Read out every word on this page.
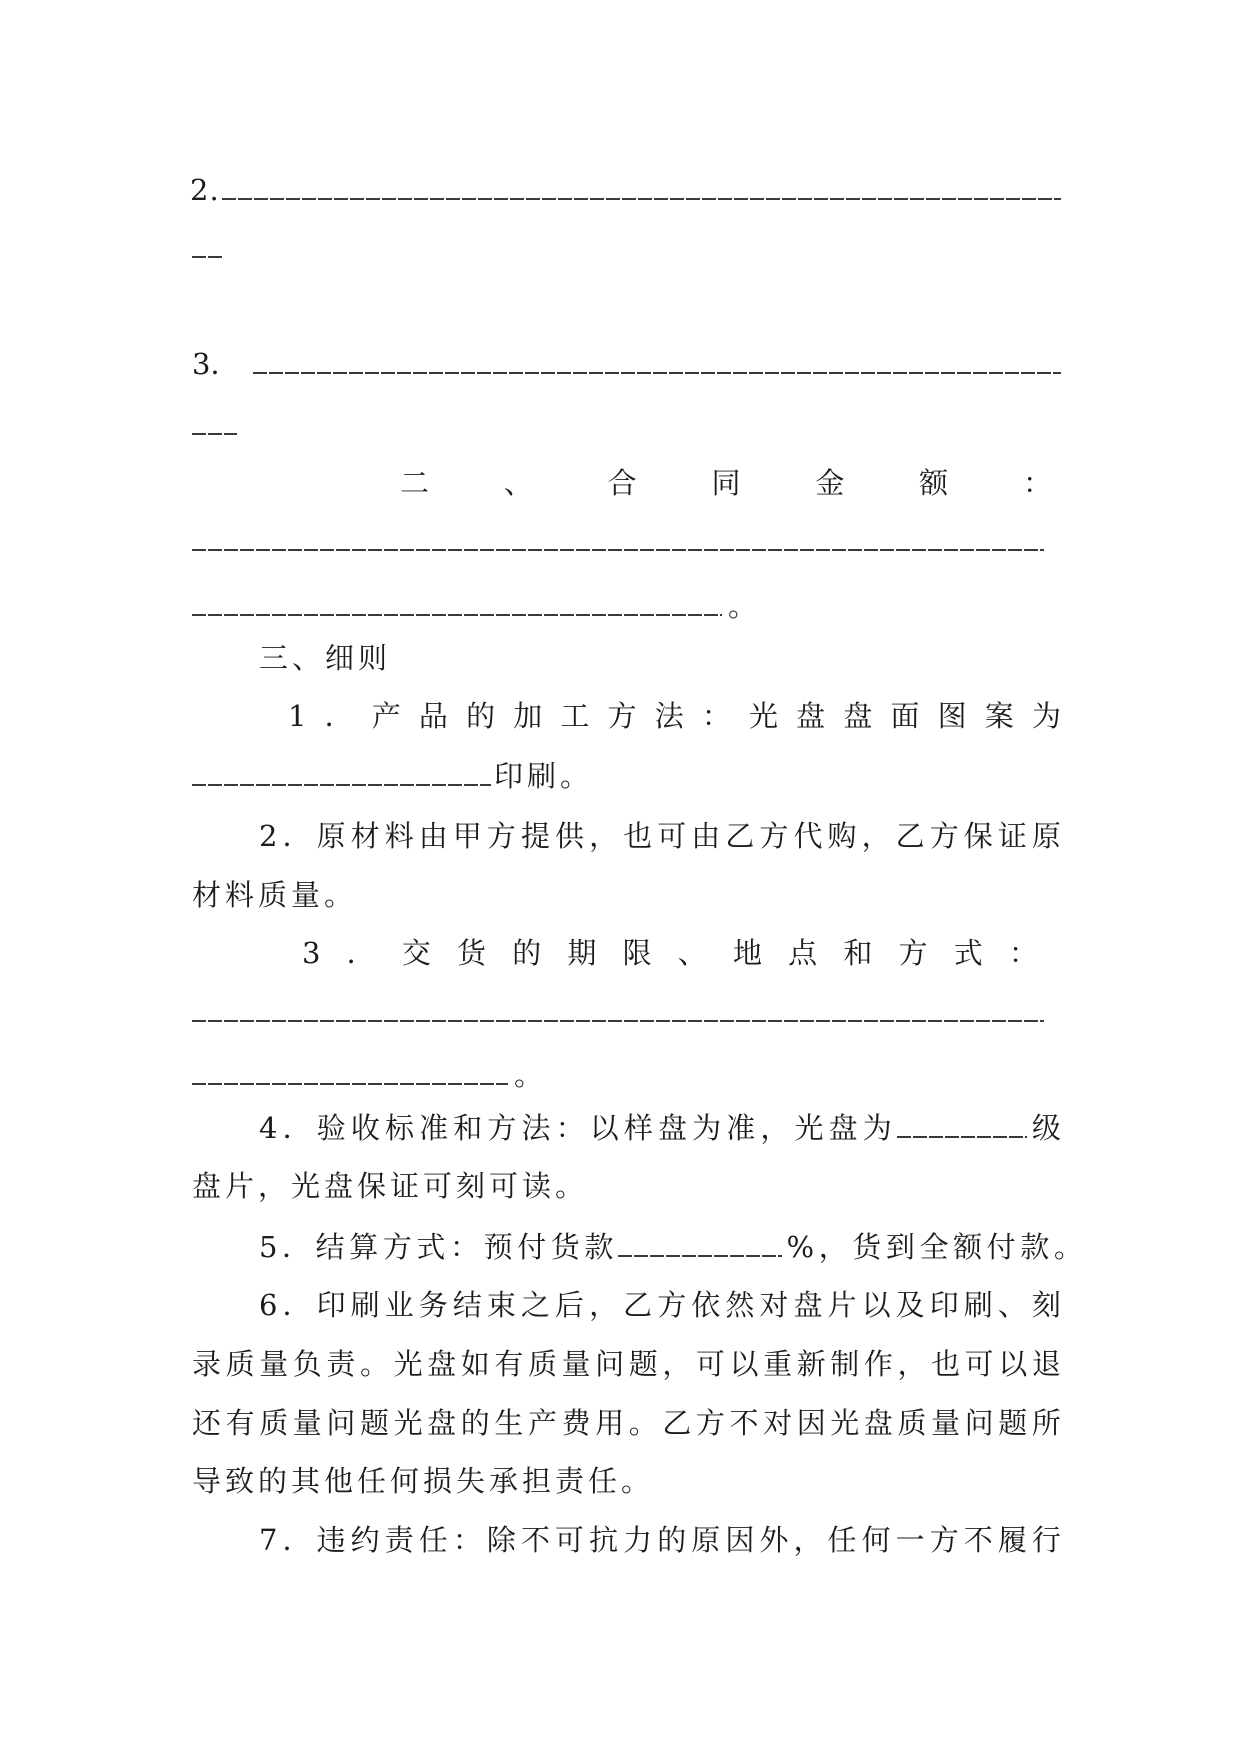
2.
3．
二	、	合	同	金	额	：
。
三、细则
1 ． 产 品 的 加 工 方 法 ： 光 盘 盘 面 图 案 为
印刷。
2 ． 原 材 料 由 甲 方 提 供 ， 也 可 由 乙 方 代 购 ， 乙 方 保 证 原
材料质量。
3 ． 交 货 的 期 限 、 地 点 和 方 式 ：
。
4 ． 验 收 标 准 和 方 法 ： 以 样 盘 为 准 ， 光 盘 为	级
盘片，光盘保证可刻可读。
5 ． 结 算 方 式 ： 预 付 货 款	% ， 货 到 全 额 付 款 。
6 ． 印 刷 业 务 结 束 之 后 ， 乙 方 依 然 对 盘 片 以 及 印 刷 、 刻
录 质 量 负 责 。 光 盘 如 有 质 量 问 题 ， 可 以 重 新 制 作 ， 也 可 以 退
还 有 质 量 问 题 光 盘 的 生 产 费 用 。 乙 方 不 对 因 光 盘 质 量 问 题 所
导致的其他任何损失承担责任。
7 ． 违 约 责 任 ： 除 不 可 抗 力 的 原 因 外 ， 任 何 一 方 不 履 行
